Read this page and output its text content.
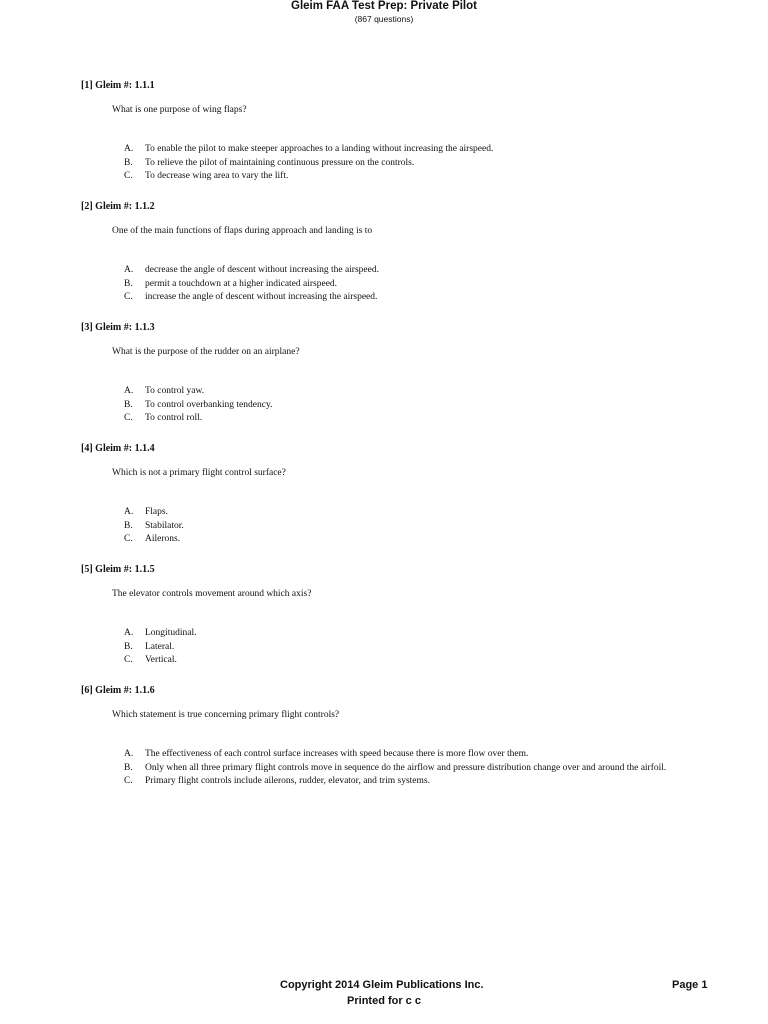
Gleim FAA Test Prep: Private Pilot
(867 questions)
[1] Gleim #: 1.1.1
What is one purpose of wing flaps?
A.	To enable the pilot to make steeper approaches to a landing without increasing the airspeed.
B.	To relieve the pilot of maintaining continuous pressure on the controls.
C.	To decrease wing area to vary the lift.
[2] Gleim #: 1.1.2
One of the main functions of flaps during approach and landing is to
A.	decrease the angle of descent without increasing the airspeed.
B.	permit a touchdown at a higher indicated airspeed.
C.	increase the angle of descent without increasing the airspeed.
[3] Gleim #: 1.1.3
What is the purpose of the rudder on an airplane?
A.	To control yaw.
B.	To control overbanking tendency.
C.	To control roll.
[4] Gleim #: 1.1.4
Which is not a primary flight control surface?
A.	Flaps.
B.	Stabilator.
C.	Ailerons.
[5] Gleim #: 1.1.5
The elevator controls movement around which axis?
A.	Longitudinal.
B.	Lateral.
C.	Vertical.
[6] Gleim #: 1.1.6
Which statement is true concerning primary flight controls?
A.	The effectiveness of each control surface increases with speed because there is more flow over them.
B.	Only when all three primary flight controls move in sequence do the airflow and pressure distribution change over and around the airfoil.
C.	Primary flight controls include ailerons, rudder, elevator, and trim systems.
Copyright 2014 Gleim Publications Inc.
Printed for c c
Page 1
